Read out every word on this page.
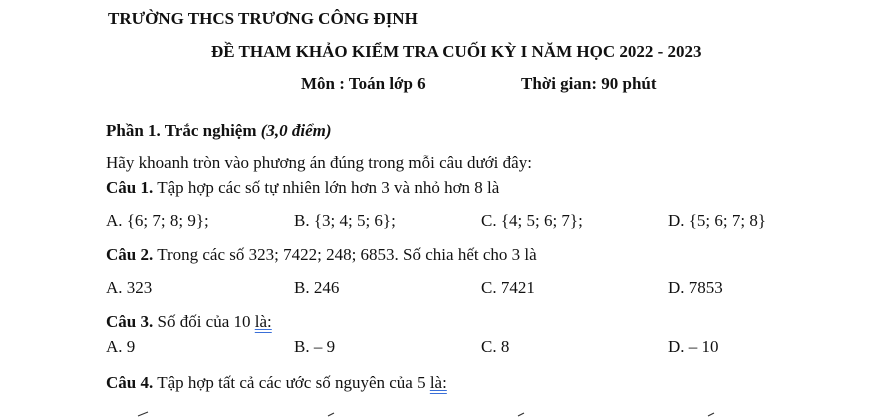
TRƯỜNG THCS TRƯƠNG CÔNG ĐỊNH
ĐỀ THAM KHẢO KIỂM TRA CUỐI KỲ I NĂM HỌC 2022 - 2023
Môn : Toán lớp 6	Thời gian: 90 phút
Phần 1. Trắc nghiệm (3,0 điểm)
Hãy khoanh tròn vào phương án đúng trong mỗi câu dưới đây:
Câu 1. Tập hợp các số tự nhiên lớn hơn 3 và nhỏ hơn 8 là
A. {6; 7; 8; 9};	B. {3; 4; 5; 6};	C. {4; 5; 6; 7};	D. {5; 6; 7; 8}
Câu 2. Trong các số 323; 7422; 248; 6853. Số chia hết cho 3 là
A. 323	B. 246	C. 7421	D. 7853
Câu 3. Số đối của 10 là:
A. 9	B. – 9	C. 8	D. – 10
Câu 4. Tập hợp tất cả các ước số nguyên của 5 là:
